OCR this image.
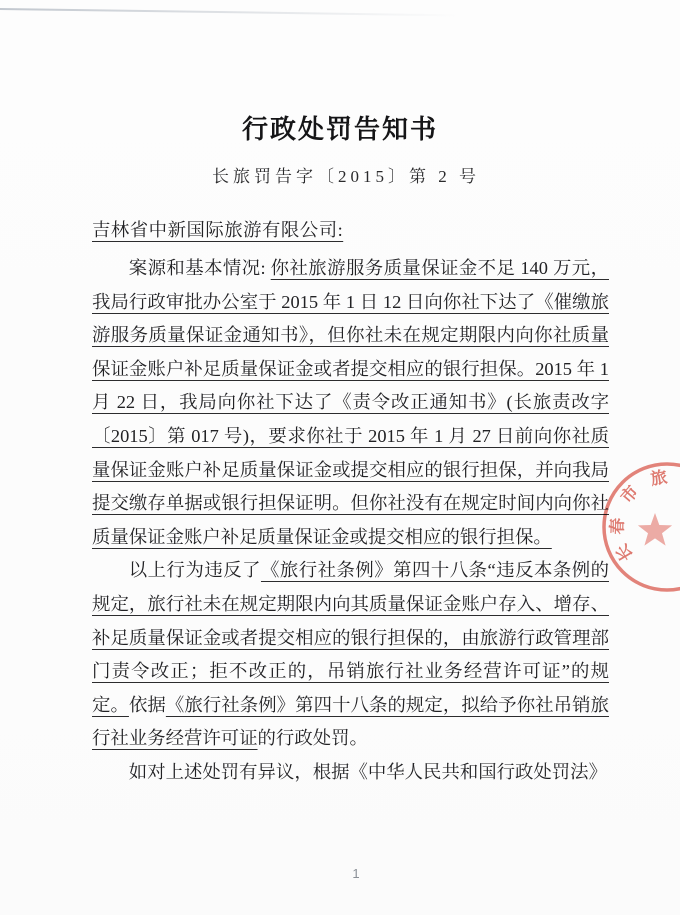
行政处罚告知书
长旅罚告字〔2015〕第 2 号
吉林省中新国际旅游有限公司:

案源和基本情况: 你社旅游服务质量保证金不足 140 万元，我局行政审批办公室于 2015 年 1 日 12 日向你社下达了《催缴旅游服务质量保证金通知书》，但你社未在规定期限内向你社质量保证金账户补足质量保证金或者提交相应的银行担保。2015 年 1 月 22 日，我局向你社下达了《责令改正通知书》(长旅责改字〔2015〕第 017 号)，要求你社于 2015 年 1 月 27 日前向你社质量保证金账户补足质量保证金或提交相应的银行担保，并向我局提交缴存单据或银行担保证明。但你社没有在规定时间内向你社质量保证金账户补足质量保证金或提交相应的银行担保。

以上行为违反了《旅行社条例》第四十八条“违反本条例的规定，旅行社未在规定期限内向其质量保证金账户存入、增存、补足质量保证金或者提交相应的银行担保的，由旅游行政管理部门责令改正；拒不改正的，吊销旅行社业务经营许可证”的规定。依据《旅行社条例》第四十八条的规定，拟给予你社吊销旅行社业务经营许可证的行政处罚。

如对上述处罚有异议，根据《中华人民共和国行政处罚法》

长
春
市
旅
1
